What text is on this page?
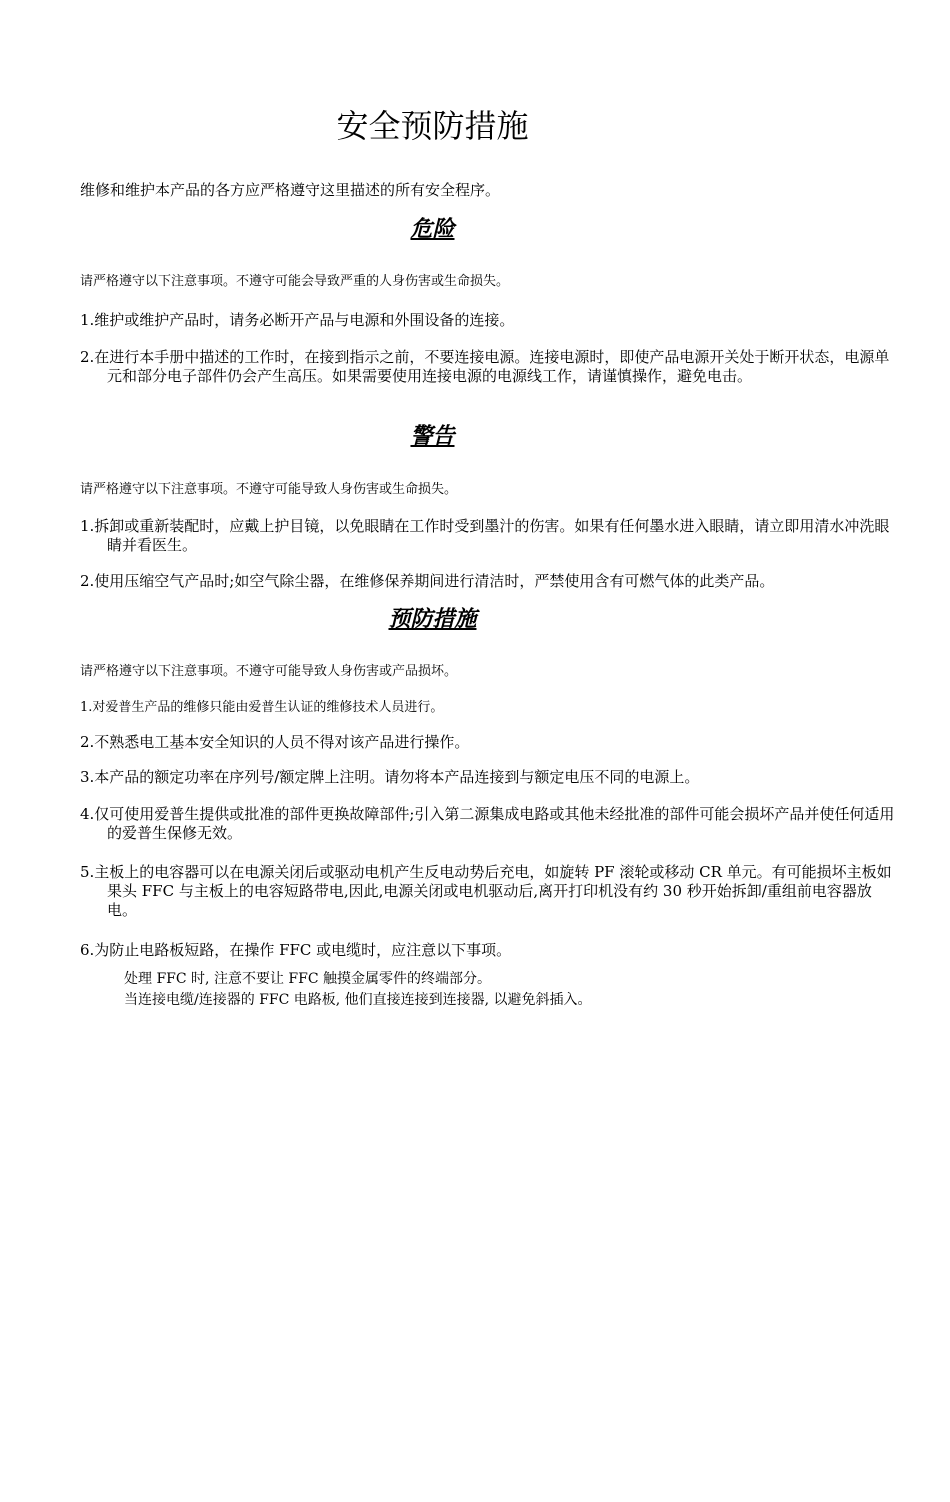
安全预防措施

维修和维护本产品的各方应严格遵守这里描述的所有安全程序。

危险

请严格遵守以下注意事项。不遵守可能会导致严重的人身伤害或生命损失。

1.维护或维护产品时，请务必断开产品与电源和外围设备的连接。

2.在进行本手册中描述的工作时，在接到指示之前，不要连接电源。连接电源时，即使产品电源开关处于断开状态，电源单元和部分电子部件仍会产生高压。如果需要使用连接电源的电源线工作，请谨慎操作，避免电击。

警告

请严格遵守以下注意事项。不遵守可能导致人身伤害或生命损失。

1.拆卸或重新装配时，应戴上护目镜，以免眼睛在工作时受到墨汁的伤害。如果有任何墨水进入眼睛，请立即用清水冲洗眼睛并看医生。

2.使用压缩空气产品时;如空气除尘器，在维修保养期间进行清洁时，严禁使用含有可燃气体的此类产品。

预防措施

请严格遵守以下注意事项。不遵守可能导致人身伤害或产品损坏。

1.对爱普生产品的维修只能由爱普生认证的维修技术人员进行。

2.不熟悉电工基本安全知识的人员不得对该产品进行操作。

3.本产品的额定功率在序列号/额定牌上注明。请勿将本产品连接到与额定电压不同的电源上。

4.仅可使用爱普生提供或批准的部件更换故障部件;引入第二源集成电路或其他未经批准的部件可能会损坏产品并使任何适用的爱普生保修无效。

5.主板上的电容器可以在电源关闭后或驱动电机产生反电动势后充电，如旋转 PF 滚轮或移动 CR 单元。有可能损坏主板如果头 FFC 与主板上的电容短路带电,因此,电源关闭或电机驱动后,离开打印机没有约 30 秒开始拆卸/重组前电容器放电。

6.为防止电路板短路，在操作 FFC 或电缆时，应注意以下事项。

处理 FFC 时, 注意不要让 FFC 触摸金属零件的终端部分。

当连接电缆/连接器的 FFC 电路板, 他们直接连接到连接器, 以避免斜插入。
